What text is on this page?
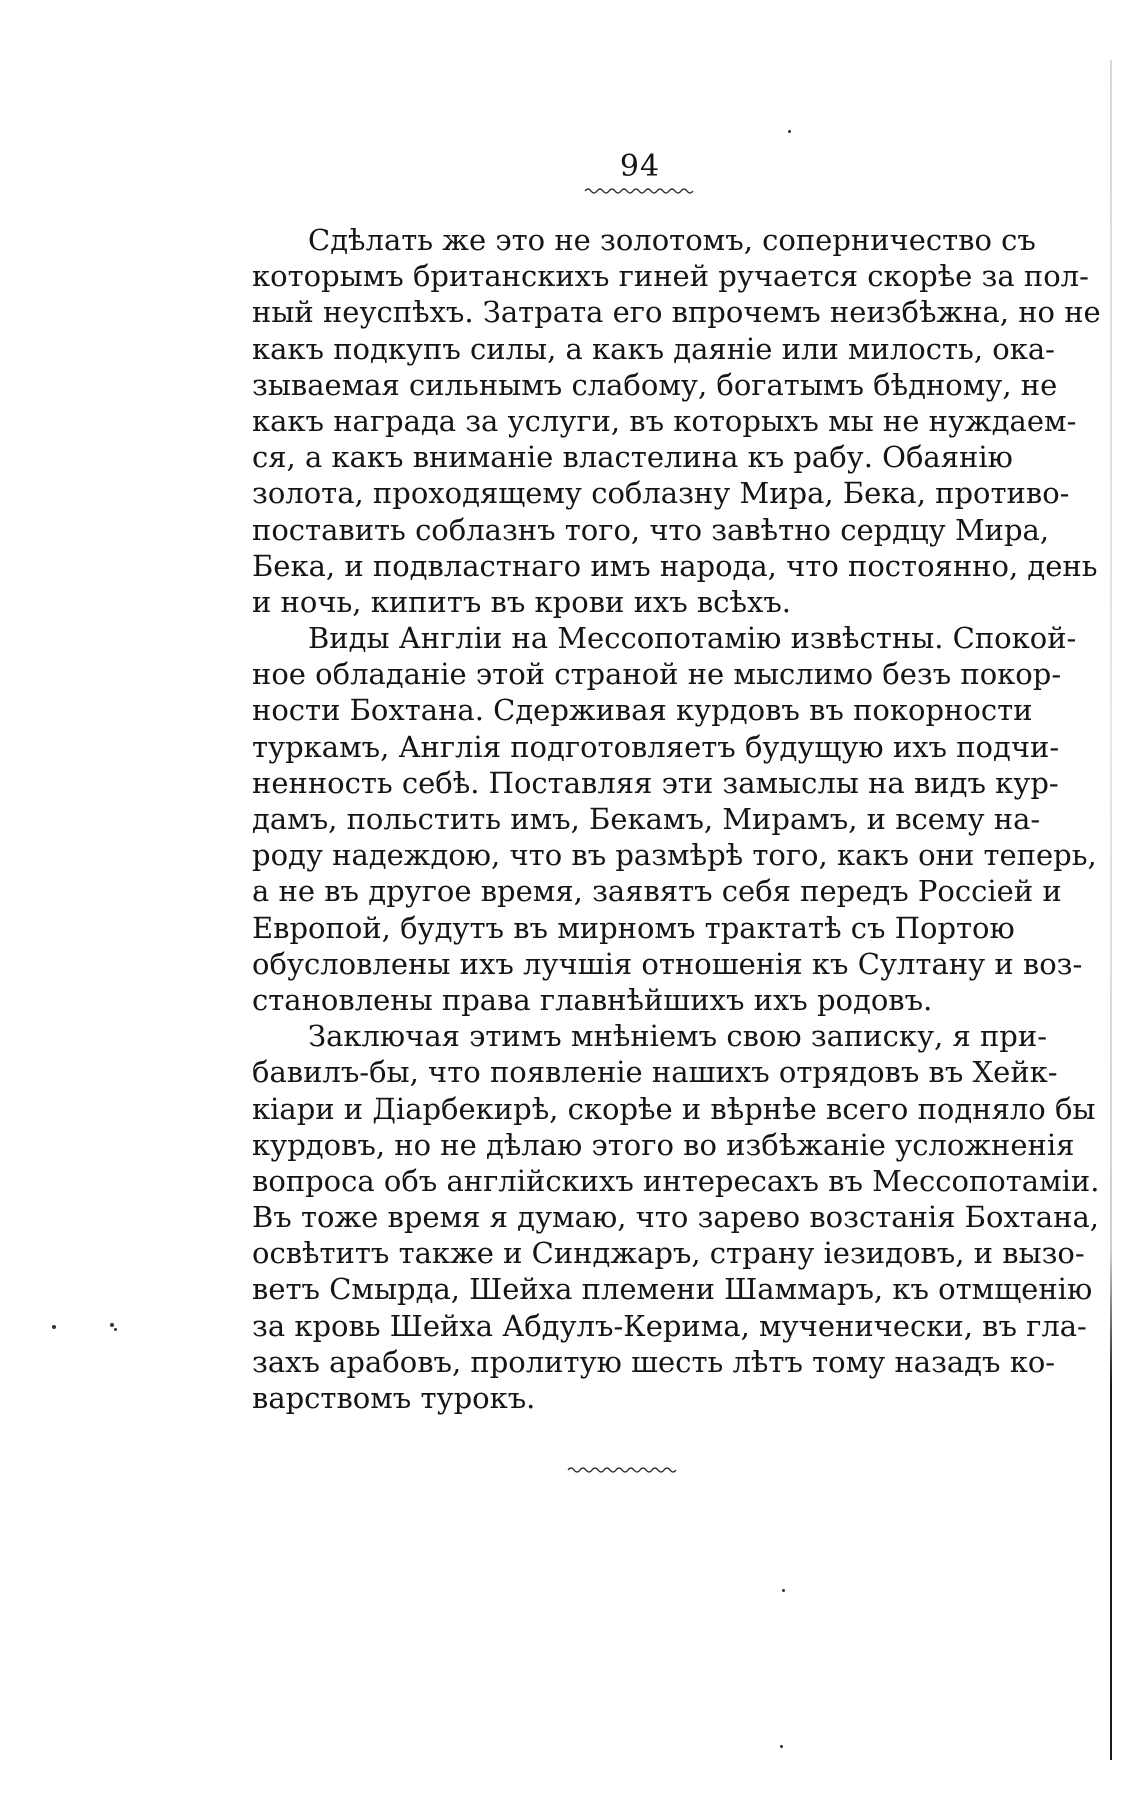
94
Сдѣлать же это не золотомъ, соперничество съ
которымъ британскихъ гиней ручается скорѣе за пол-
ный неуспѣхъ. Затрата его впрочемъ неизбѣжна, но не
какъ подкупъ силы, а какъ даяніе или милость, ока-
зываемая сильнымъ слабому, богатымъ бѣдному, не
какъ награда за услуги, въ которыхъ мы не нуждаем-
ся, а какъ вниманіе властелина къ рабу. Обаянію
золота, проходящему соблазну Мира, Бека, противо-
поставить соблазнъ того, что завѣтно сердцу Мира,
Бека, и подвластнаго имъ народа, что постоянно, день
и ночь, кипитъ въ крови ихъ всѣхъ.
Виды Англіи на Мессопотамію извѣстны. Спокой-
ное обладаніе этой страной не мыслимо безъ покор-
ности Бохтана. Сдерживая курдовъ въ покорности
туркамъ, Англія подготовляетъ будущую ихъ подчи-
ненность себѣ. Поставляя эти замыслы на видъ кур-
дамъ, польстить имъ, Бекамъ, Мирамъ, и всему на-
роду надеждою, что въ размѣрѣ того, какъ они теперь,
а не въ другое время, заявятъ себя передъ Россіей и
Европой, будутъ въ мирномъ трактатѣ съ Портою
обусловлены ихъ лучшія отношенія къ Султану и воз-
становлены права главнѣйшихъ ихъ родовъ.
Заключая этимъ мнѣніемъ свою записку, я при-
бавилъ-бы, что появленіе нашихъ отрядовъ въ Хейк-
кіари и Діарбекирѣ, скорѣе и вѣрнѣе всего подняло бы
курдовъ, но не дѣлаю этого во избѣжаніе усложненія
вопроса объ англійскихъ интересахъ въ Мессопотаміи.
Въ тоже время я думаю, что зарево возстанія Бохтана,
освѣтитъ также и Синджаръ, страну іезидовъ, и вызо-
ветъ Смырда, Шейха племени Шаммаръ, къ отмщенію
за кровь Шейха Абдулъ-Керима, мученически, въ гла-
захъ арабовъ, пролитую шесть лѣтъ тому назадъ ко-
варствомъ турокъ.
